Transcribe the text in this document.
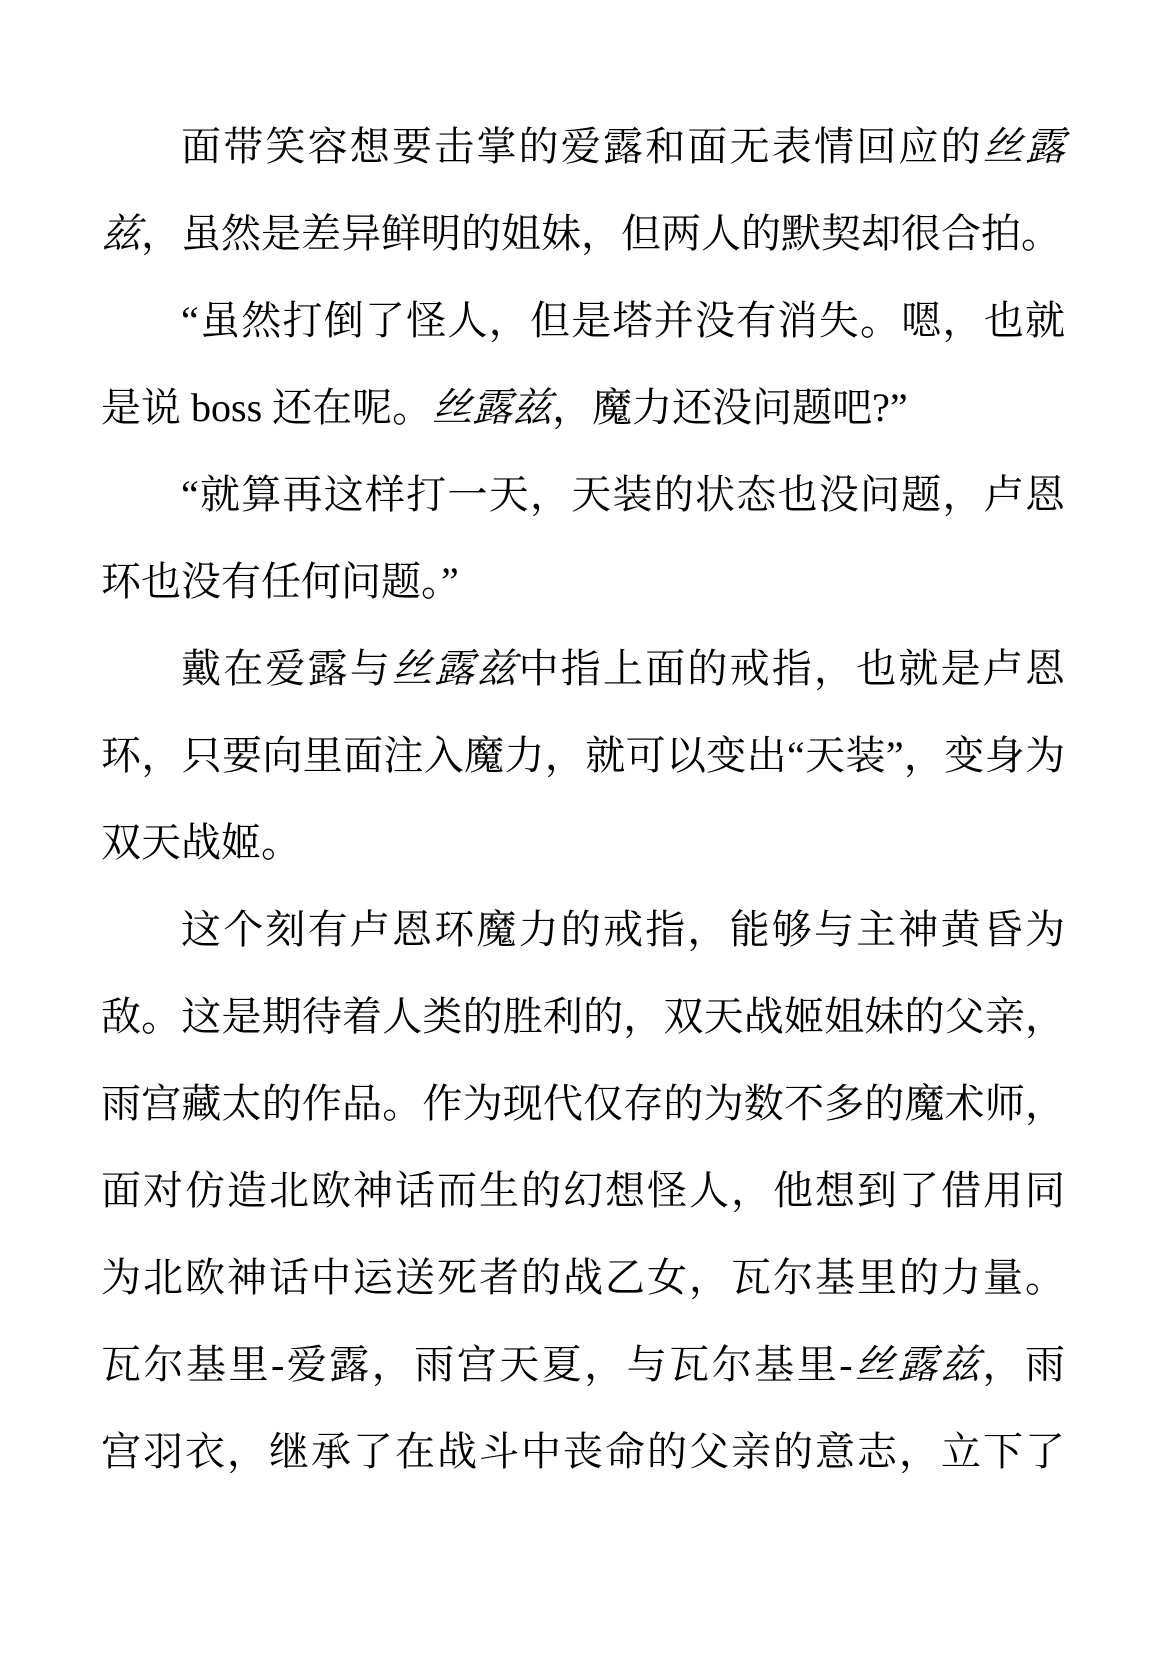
面带笑容想要击掌的爱露和面无表情回应的丝露
兹，虽然是差异鲜明的姐妹，但两人的默契却很合拍。
“虽然打倒了怪人，但是塔并没有消失。嗯，也就
是说 boss 还在呢。丝露兹，魔力还没问题吧?”
“就算再这样打一天，天装的状态也没问题，卢恩
环也没有任何问题。”
戴在爱露与丝露兹中指上面的戒指，也就是卢恩
环，只要向里面注入魔力，就可以变出“天装”，变身为
双天战姬。
这个刻有卢恩环魔力的戒指，能够与主神黄昏为
敌。这是期待着人类的胜利的，双天战姬姐妹的父亲，
雨宫藏太的作品。作为现代仅存的为数不多的魔术师，
面对仿造北欧神话而生的幻想怪人，他想到了借用同
为北欧神话中运送死者的战乙女，瓦尔基里的力量。
瓦尔基里-爱露，雨宫天夏，与瓦尔基里-丝露兹，雨
宫羽衣，继承了在战斗中丧命的父亲的意志，立下了
